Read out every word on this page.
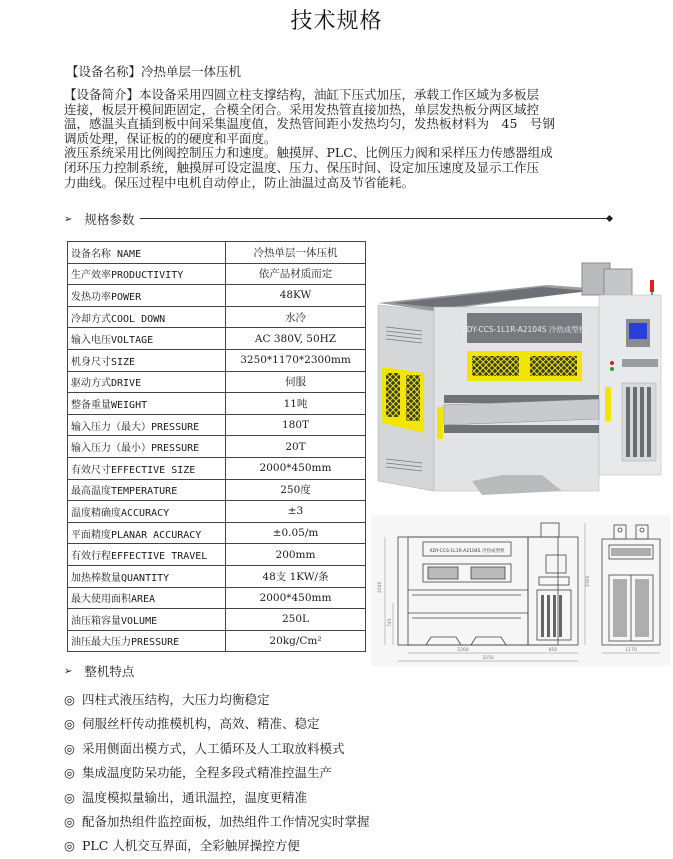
技术规格
【设备名称】冷热单层一体压机
【设备简介】本设备采用四圆立柱支撑结构，油缸下压式加压，承载工作区域为多板层
连接，板层开模间距固定，合模全闭合。采用发热管直接加热，单层发热板分两区域控
温，感温头直插到板中间采集温度值，发热管间距小发热均匀，发热板材料为　45　号钢
调质处理，保证板的的硬度和平面度。
液压系统采用比例阀控制压力和速度。触摸屏、PLC、比例压力阀和采样压力传感器组成
闭环压力控制系统，触摸屏可设定温度、压力、保压时间、设定加压速度及显示工作压
力曲线。保压过程中电机自动停止，防止油温过高及节省能耗。
➢ 规格参数
设备名称 NAME	冷热单层一体压机
生产效率PRODUCTIVITY	依产品材质而定
发热功率POWER	48KW
冷却方式COOL DOWN	水冷
输入电压VOLTAGE	AC 380V, 50HZ
机身尺寸SIZE	3250*1170*2300mm
驱动方式DRIVE	伺服
整备重量WEIGHT	11吨
输入压力（最大）PRESSURE	180T
输入压力（最小）PRESSURE	20T
有效尺寸EFFECTIVE SIZE	2000*450mm
最高温度TEMPERATURE	250度
温度精确度ACCURACY	±3
平面精度PLANAR ACCURACY	±0.05/m
有效行程EFFECTIVE TRAVEL	200mm
加热棒数量QUANTITY	48支 1KW/条
最大使用面积AREA	2000*450mm
油压箱容量VOLUME	250L
油压最大压力PRESSURE	20kg/Cm²
XDY-CCS-1L1R-A2104S 冷热成型机
XDY-CCS-1L1R-A2104S 冷热成型机
2040
745
2300
2200	850
3250
1170
➢ 整机特点
◎ 四柱式液压结构，大压力均衡稳定
◎ 伺服丝杆传动推模机构，高效、精准、稳定
◎ 采用侧面出模方式，人工循环及人工取放料模式
◎ 集成温度防呆功能，全程多段式精准控温生产
◎ 温度模拟量输出，通讯温控，温度更精准
◎ 配备加热组件监控面板，加热组件工作情况实时掌握
◎ PLC 人机交互界面，全彩触屏操控方便
